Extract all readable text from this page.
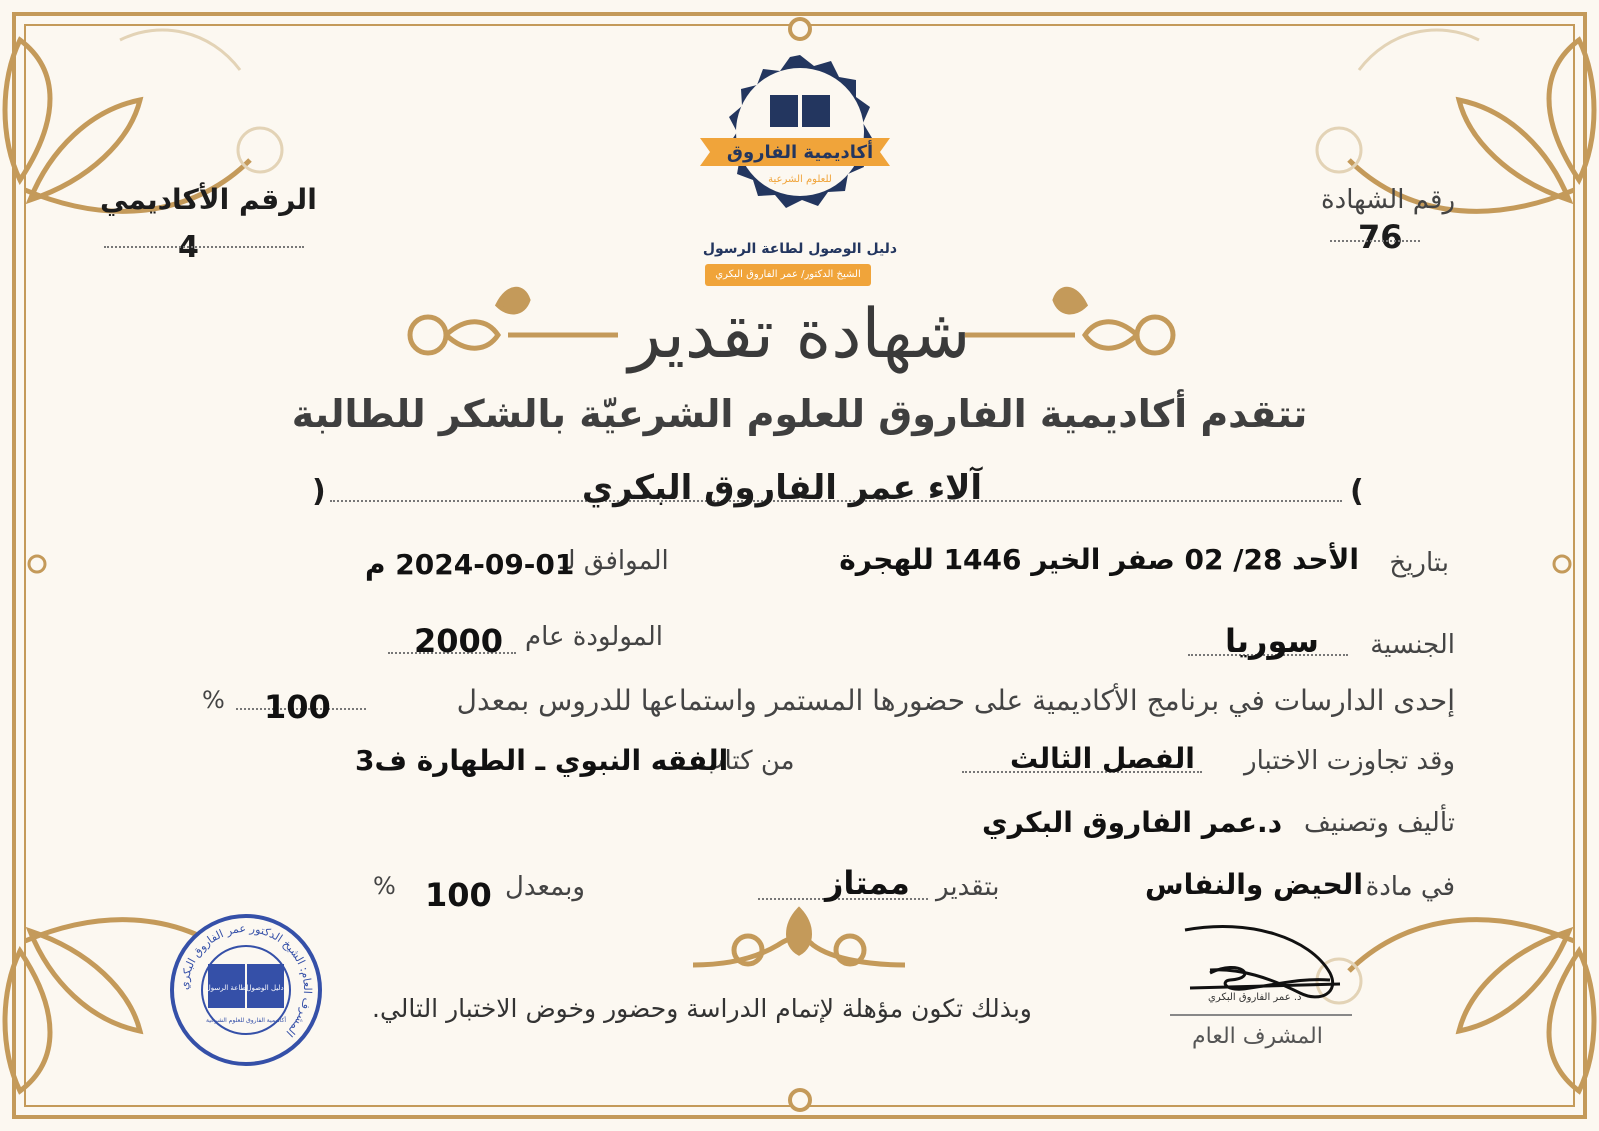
أكاديمية الفاروق
للعلوم الشرعية
دليل الوصول لطاعة الرسول
الشيخ الدكتور/ عمر الفاروق البكري
رقم الشهادة
76
الرقم الأكاديمي
4
شهادة تقدير
تتقدم أكاديمية الفاروق للعلوم الشرعيّة بالشكر للطالبة
(
)	آلاء عمر الفاروق البكري
بتاريخ
الأحد 28/ 02 صفر الخير 1446 للهجرة
الموافق لـ
2024-09-01 م
الجنسية
سوريا
المولودة عام
2000
إحدى الدارسات في برنامج الأكاديمية على حضورها المستمر واستماعها للدروس بمعدل
100
%
وقد تجاوزت الاختبار
الفصل الثالث
من كتاب
الفقه النبوي ـ الطهارة ف3
تأليف وتصنيف
د.عمر الفاروق البكري
في مادة
الحيض والنفاس
بتقدير
ممتاز
وبمعدل
100
%
وبذلك تكون مؤهلة لإتمام الدراسة وحضور وخوض الاختبار التالي.	د. عمر الفاروق البكري
المشرف العام
المشرف العام: الشيخ الدكتور عمر الفاروق البكري
لطاعة الرسول
دليل الوصول
أكاديمية الفاروق للعلوم الشرعية
